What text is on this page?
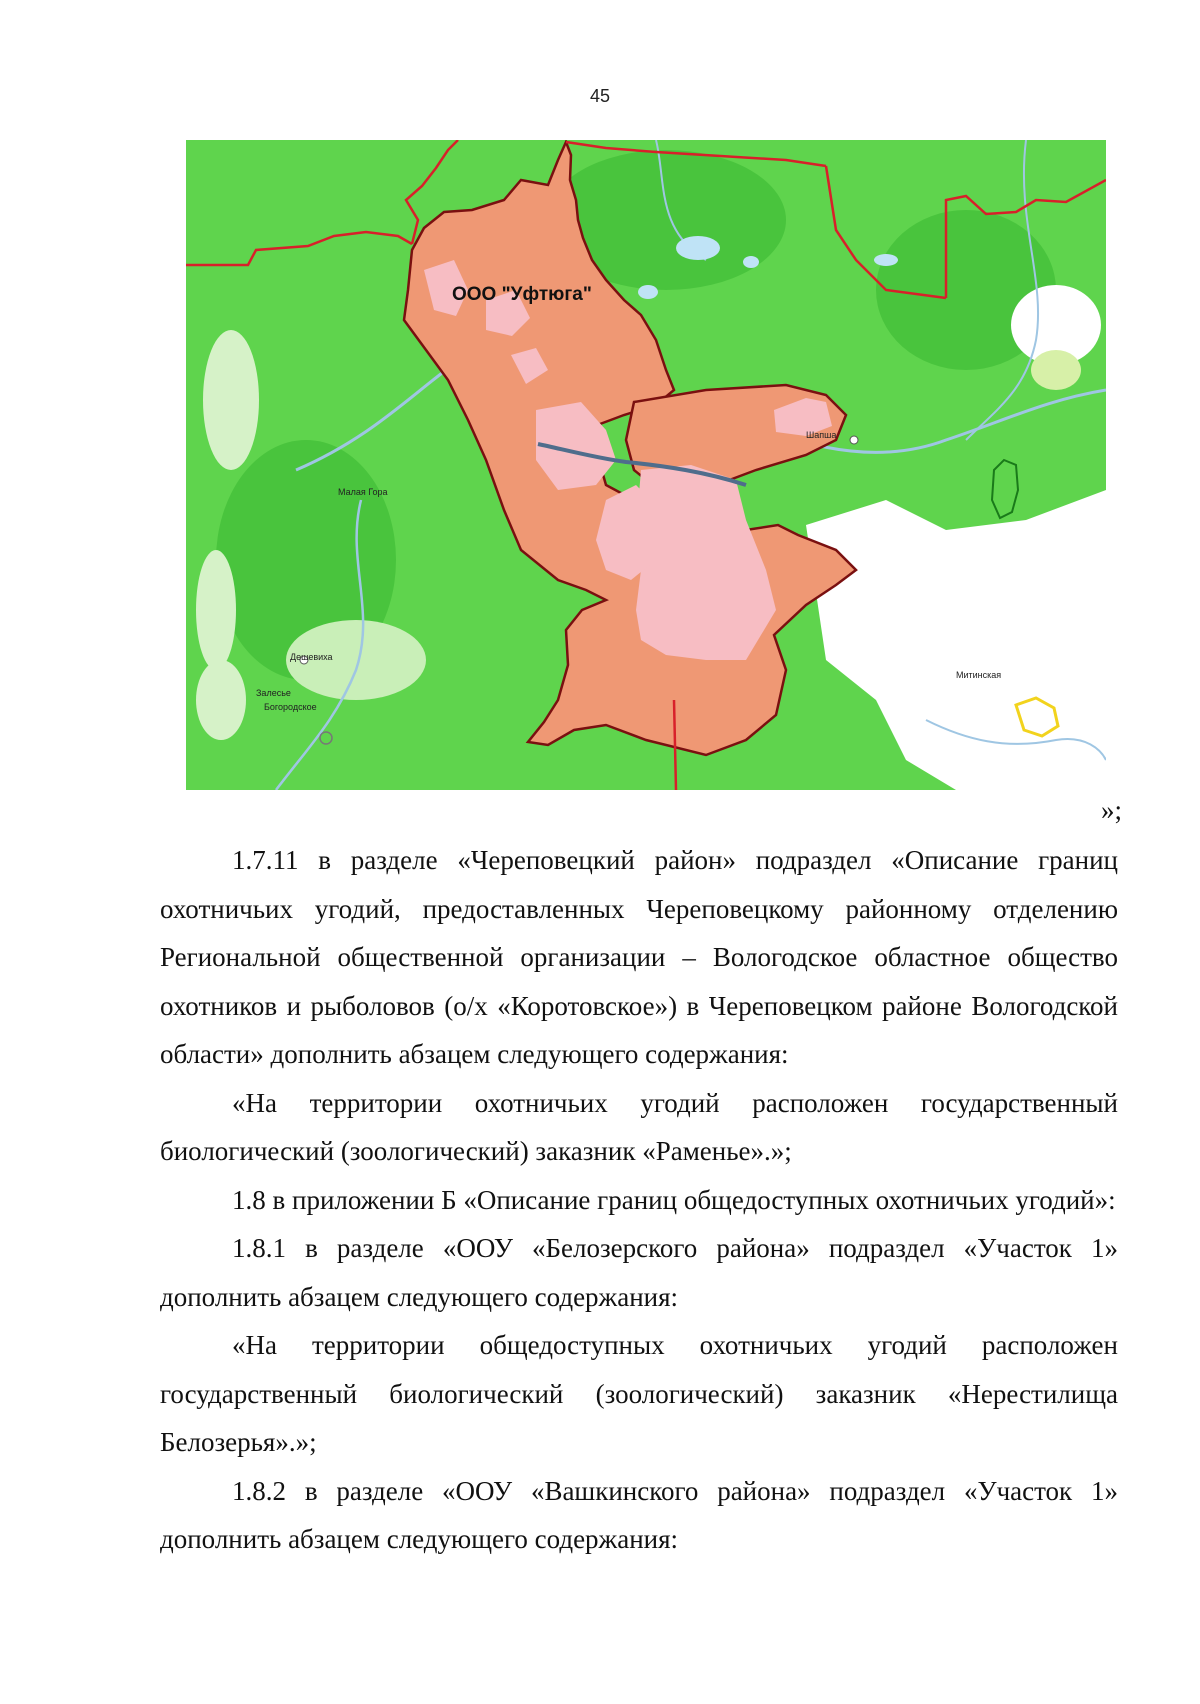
45
ООО "Уфтюга"
Малая Гора
Шапша
Дешевиха
Залесье
Богородское
Митинская
»;

1.7.11 в разделе «Череповецкий район» подраздел «Описание границ охотничьих угодий, предоставленных Череповецкому районному отделению Региональной общественной организации – Вологодское областное общество охотников и рыболовов (о/х «Коротовское») в Череповецком районе Вологодской области» дополнить абзацем следующего содержания:

«На территории охотничьих угодий расположен государственный биологический (зоологический) заказник «Раменье».»;

1.8 в приложении Б «Описание границ общедоступных охотничьих угодий»:

1.8.1 в разделе «ООУ «Белозерского района» подраздел «Участок 1» дополнить абзацем следующего содержания:

«На территории общедоступных охотничьих угодий расположен государственный биологический (зоологический) заказник «Нерестилища Белозерья».»;

1.8.2 в разделе «ООУ «Вашкинского района» подраздел «Участок 1» дополнить абзацем следующего содержания:
